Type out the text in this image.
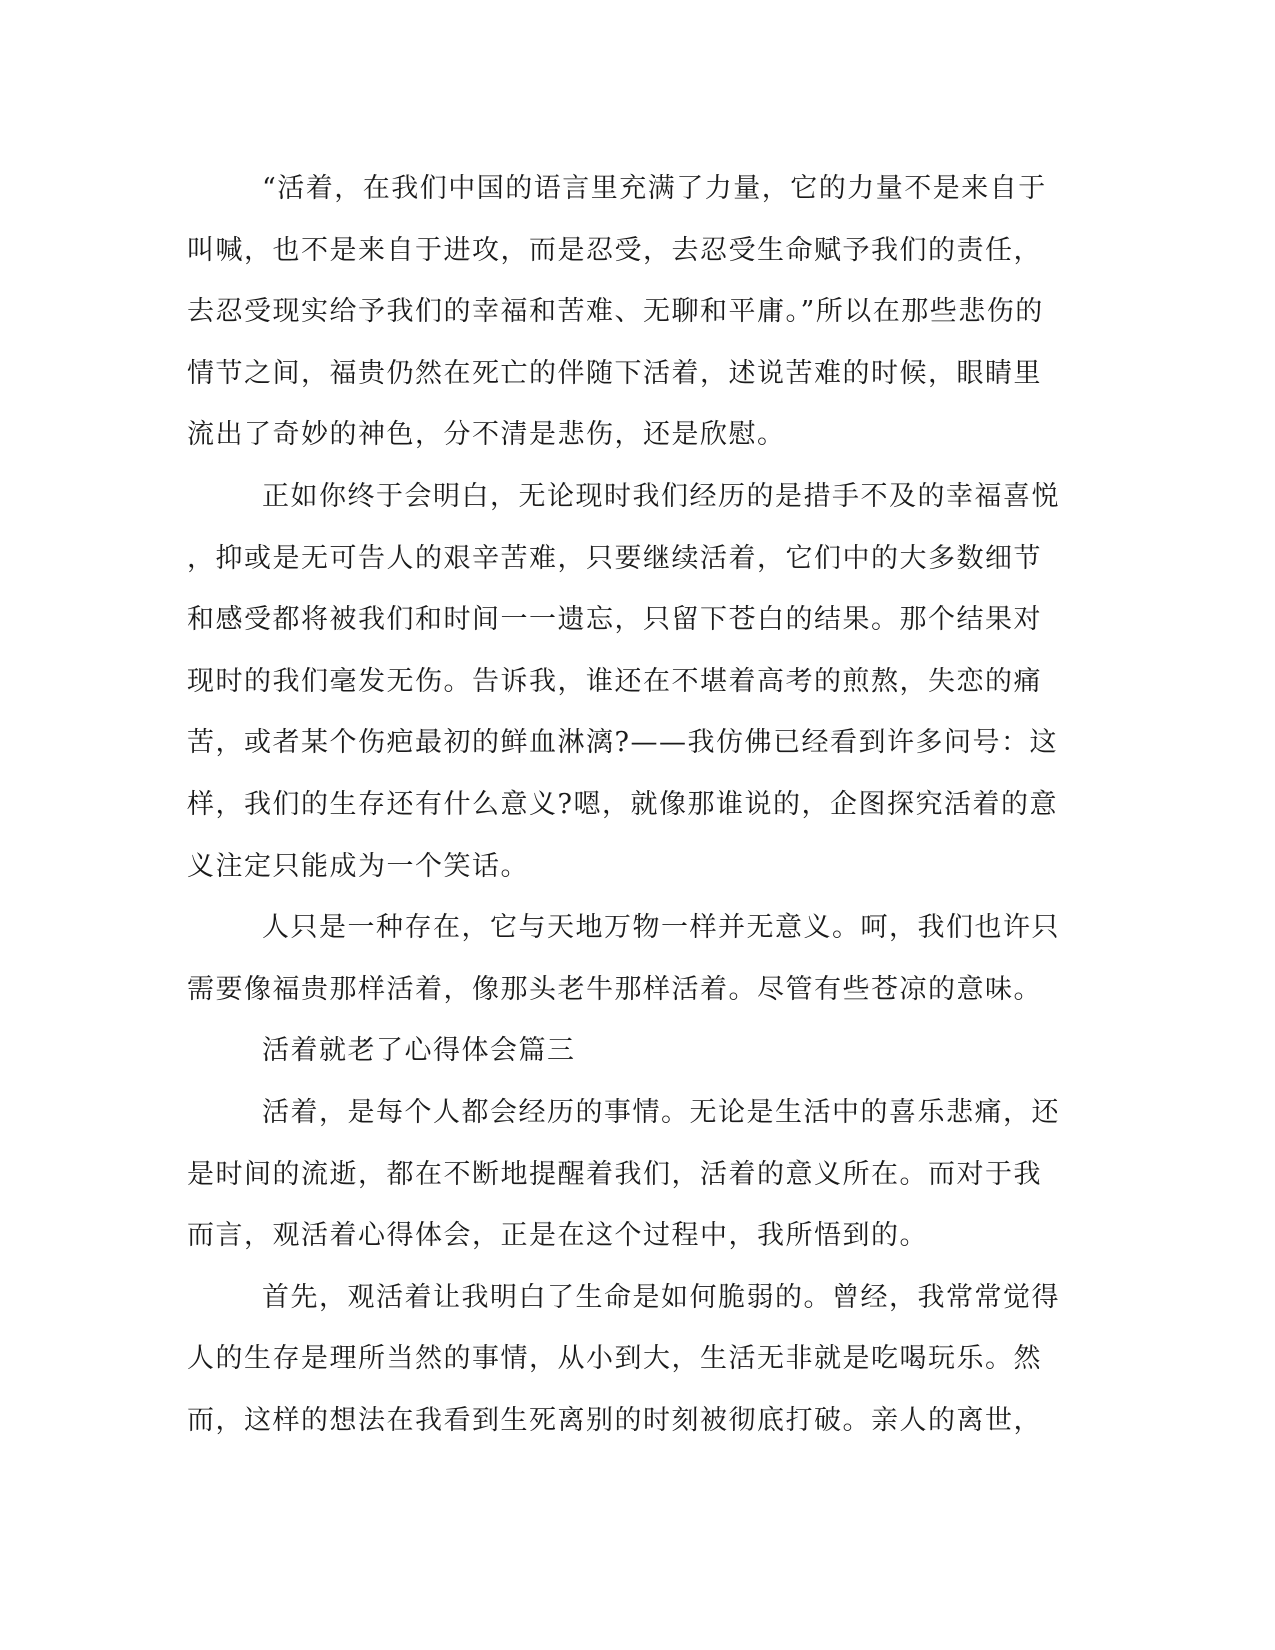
“活着，在我们中国的语言里充满了力量，它的力量不是来自于
叫喊，也不是来自于进攻，而是忍受，去忍受生命赋予我们的责任，
去忍受现实给予我们的幸福和苦难、无聊和平庸。”所以在那些悲伤的
情节之间，福贵仍然在死亡的伴随下活着，述说苦难的时候，眼睛里
流出了奇妙的神色，分不清是悲伤，还是欣慰。
正如你终于会明白，无论现时我们经历的是措手不及的幸福喜悦
，抑或是无可告人的艰辛苦难，只要继续活着，它们中的大多数细节
和感受都将被我们和时间一一遗忘，只留下苍白的结果。那个结果对
现时的我们毫发无伤。告诉我，谁还在不堪着高考的煎熬，失恋的痛
苦，或者某个伤疤最初的鲜血淋漓?——我仿佛已经看到许多问号：这
样，我们的生存还有什么意义?嗯，就像那谁说的，企图探究活着的意
义注定只能成为一个笑话。
人只是一种存在，它与天地万物一样并无意义。呵，我们也许只
需要像福贵那样活着，像那头老牛那样活着。尽管有些苍凉的意味。
活着就老了心得体会篇三
活着，是每个人都会经历的事情。无论是生活中的喜乐悲痛，还
是时间的流逝，都在不断地提醒着我们，活着的意义所在。而对于我
而言，观活着心得体会，正是在这个过程中，我所悟到的。
首先，观活着让我明白了生命是如何脆弱的。曾经，我常常觉得
人的生存是理所当然的事情，从小到大，生活无非就是吃喝玩乐。然
而，这样的想法在我看到生死离别的时刻被彻底打破。亲人的离世，
